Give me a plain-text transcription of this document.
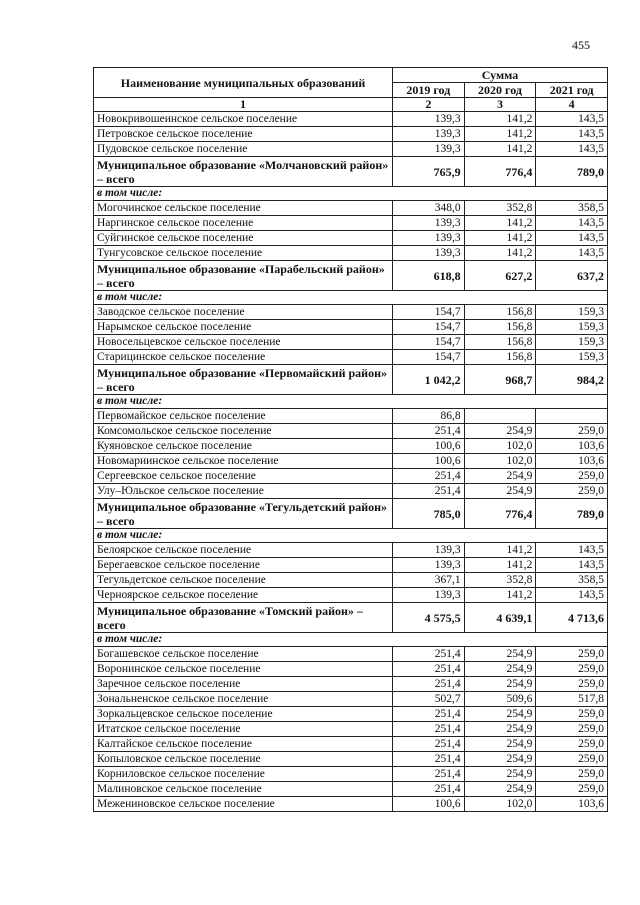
455
Наименование муниципальных образований	Сумма		
	2019 год	2020 год	2021 год
1	2	3	4
Новокривошеинское сельское поселение	139,3	141,2	143,5
Петровское сельское поселение	139,3	141,2	143,5
Пудовское сельское поселение	139,3	141,2	143,5
Муниципальное образование «Молчановский район» – всего	765,9	776,4	789,0
в том числе:			
Могочинское сельское поселение	348,0	352,8	358,5
Наргинское сельское поселение	139,3	141,2	143,5
Суйгинское сельское поселение	139,3	141,2	143,5
Тунгусовское сельское поселение	139,3	141,2	143,5
Муниципальное образование «Парабельский район» – всего	618,8	627,2	637,2
в том числе:			
Заводское сельское поселение	154,7	156,8	159,3
Нарымское сельское поселение	154,7	156,8	159,3
Новосельцевское сельское поселение	154,7	156,8	159,3
Старицинское сельское поселение	154,7	156,8	159,3
Муниципальное образование «Первомайский район» – всего	1 042,2	968,7	984,2
в том числе:			
Первомайское сельское поселение	86,8		
Комсомольское сельское поселение	251,4	254,9	259,0
Куяновское сельское поселение	100,6	102,0	103,6
Новомариинское сельское поселение	100,6	102,0	103,6
Сергеевское сельское поселение	251,4	254,9	259,0
Улу–Юльское сельское поселение	251,4	254,9	259,0
Муниципальное образование «Тегульдетский район» – всего	785,0	776,4	789,0
в том числе:			
Белоярское сельское поселение	139,3	141,2	143,5
Берегаевское сельское поселение	139,3	141,2	143,5
Тегульдетское сельское поселение	367,1	352,8	358,5
Черноярское сельское поселение	139,3	141,2	143,5
Муниципальное образование «Томский район» – всего	4 575,5	4 639,1	4 713,6
в том числе:			
Богашевское сельское поселение	251,4	254,9	259,0
Воронинское сельское поселение	251,4	254,9	259,0
Заречное сельское поселение	251,4	254,9	259,0
Зональненское сельское поселение	502,7	509,6	517,8
Зоркальцевское сельское поселение	251,4	254,9	259,0
Итатское сельское поселение	251,4	254,9	259,0
Калтайское сельское поселение	251,4	254,9	259,0
Копыловское сельское поселение	251,4	254,9	259,0
Корниловское сельское поселение	251,4	254,9	259,0
Малиновское сельское поселение	251,4	254,9	259,0
Межениновское сельское поселение	100,6	102,0	103,6
